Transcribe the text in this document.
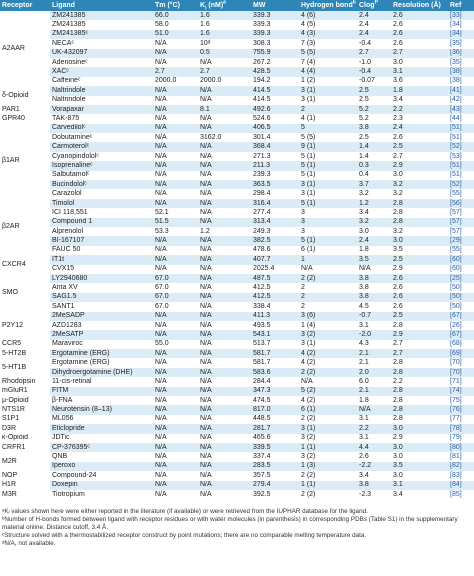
Receptor	Ligand	Tm (°C)	$K_i$ (nM)$^a$	MW	Hydrogen bond$^b$	Clog$^P$	Resolution (Å)	Ref
A2AAR	ZM241385	66.0	1.6	339.3	4 (6)	2.4	2.6	[33]
	ZM241385	58.0	1.6	339.3	4 (5)	2.4	2.6	[34]
	ZM241385ᶜ	51.0	1.6	339.3	4 (3)	2.4	2.6	[34]
	NECAᶜ	N/A	10ᵈ	308.3	7 (3)	-0.4	2.6	[35]
	UK-432097	N/A	0.5	755.9	5 (5)	2.7	2.7	[36]
	Adenosineᶜ	N/A	N/A	267.2	7 (4)	-1.0	3.0	[35]
	XACᶜ	2.7	2.7	428.5	4 (4)	-0.4	3.1	[38]
	Caffeineᶜ	2000.0	2000.0	194.2	1 (2)	-0.07	3.6	[38]
δ-Opioid	Naltrindole	N/A	N/A	414.5	3 (1)	2.5	1.8	[41]
	Naltrindole	N/A	N/A	414.5	3 (1)	2.5	3.4	[42]
PAR1	Vorapaxar	N/A	8.1	492.6	2	5.2	2.2	[43]
GPR40	TAK-875	N/A	N/A	524.6	4 (1)	5.2	2.3	[44]
β1AR	Carvedilolᶜ	N/A	N/A	406.5	5	3.8	2.4	[51]
	Dobutamineᶜ	N/A	3162.0	301.4	5 (5)	2.5	2.6	[51]
	Carmoterolᶜ	N/A	N/A	368.4	9 (1)	1.4	2.5	[52]
	Cyanopindololᶜ	N/A	N/A	271.3	5 (1)	1.4	2.7	[53]
	Isoprenalineᶜ	N/A	N/A	211.3	5 (1)	0.3	2.9	[51]
	Salbutamolᶜ	N/A	N/A	239.3	5 (1)	0.4	3.0	[51]
	Bucindololᶜ	N/A	N/A	363.5	3 (1)	3.7	3.2	[52]
	Carazolol	N/A	N/A	298.4	3 (1)	3.2	3.2	[55]
β2AR	Timolol	N/A	N/A	316.4	5 (1)	1.2	2.8	[56]
	ICI 118,551	52.1	N/A	277.4	3	3.4	2.8	[57]
	Compound 1	51.5	N/A	313.4	3	3.2	2.8	[57]
	Alprenolol	53.3	1.2	249.3	3	3.0	3.2	[57]
	BI-167107	N/A	N/A	382.5	5 (1)	2.4	3.0	[29]
	FAUC 50	N/A	N/A	478.6	6 (1)	1.8	3.5	[55]
CXCR4	IT1t	N/A	N/A	407.7	1	3.5	2.5	[60]
	CVX15	N/A	N/A	2025.4	N/A	N/A	2.9	[60]
SMO	LY2940680	67.0	N/A	487.5	2 (2)	3.8	2.6	[25]
	Anta XV	67.0	N/A	412.5	2	3.8	2.6	[50]
	SAG1.5	67.0	N/A	412.5	2	3.8	2.6	[50]
	SANT1	67.0	N/A	338.4	2	4.5	2.6	[50]
P2Y12	2MeSADP	N/A	N/A	411.3	3 (6)	-0.7	2.5	[67]
	AZD1283	N/A	N/A	493.5	1 (4)	3.1	2.8	[26]
	2MeSATP	N/A	N/A	543.1	3 (2)	-2.0	2.9	[67]
CCR5	Maraviroc	55.0	N/A	513.7	3 (1)	4.3	2.7	[68]
5-HT2B	Ergotamine (ERG)	N/A	N/A	581.7	4 (2)	2.1	2.7	[69]
5-HT1B	Ergotamine (ERG)	N/A	N/A	581.7	4 (2)	2.1	2.8	[70]
	Dihydroergotamine (DHE)	N/A	N/A	583.6	2 (2)	2.0	2.8	[70]
Rhodopsin	11-cis-retinal	N/A	N/A	284.4	N/A	6.0	2.2	[71]
mGluR1	FITM	N/A	N/A	347.3	5 (2)	2.1	2.8	[74]
μ-Opioid	β-FNA	N/A	N/A	474.5	4 (2)	1.8	2.8	[75]
NTS1R	Neurotensin (8–13)	N/A	N/A	817.0	6 (1)	N/A	2.8	[76]
S1P1	ML056	N/A	N/A	448.5	2 (2)	3.1	2.8	[77]
D3R	Eticlopride	N/A	N/A	281.7	3 (1)	2.2	3.0	[78]
κ-Opioid	JDTic	N/A	N/A	465.6	3 (2)	3.1	2.9	[79]
CRFR1	CP-376395ᶜ	N/A	N/A	339.5	1 (1)	4.4	3.0	[80]
M2R	QNB	N/A	N/A	337.4	3 (2)	2.6	3.0	[81]
	Iperoxo	N/A	N/A	283.5	1 (3)	-2.2	3.5	[82]
NOP	Compound-24	N/A	N/A	357.5	2 (2)	3.4	3.0	[83]
H1R	Doxepin	N/A	N/A	279.4	1 (1)	3.8	3.1	[84]
M3R	Tiotropium	N/A	N/A	392.5	2 (2)	-2.3	3.4	[85]

ᵃKᵢ values shown here were either reported in the literature (if available) or were retrieved from the IUPHAR database for the ligand.

ᵇNumber of H-bonds formed between ligand with receptor residues or with water molecules (in parenthesis) in corresponding PDBs (Table S1) in the supplementary material online. Distance cutoff, 3.4 Å.

ᶜStructure solved with a thermostabilized receptor construct by point mutations; there are no comparable melting temperature data.

ᵈN/A, not available.
